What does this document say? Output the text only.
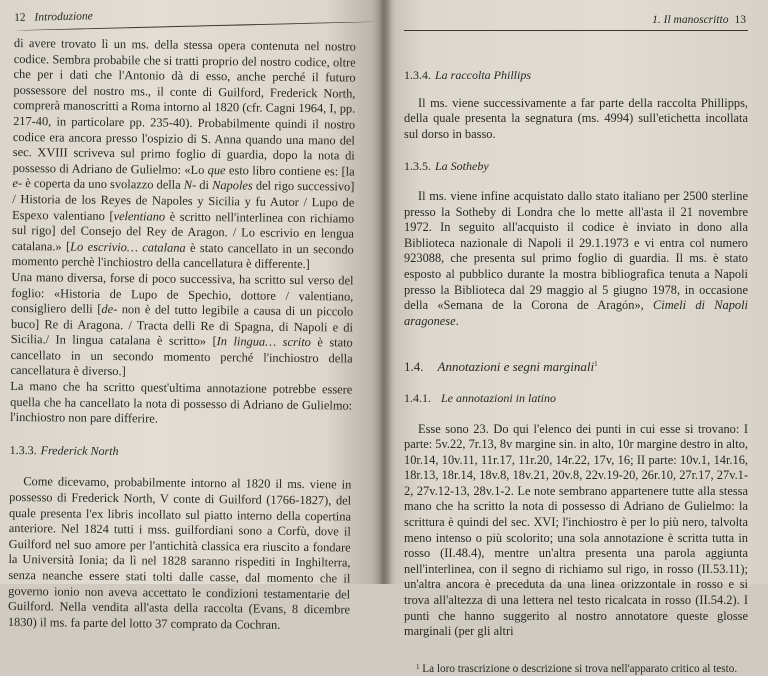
12 Introduzione

di avere trovato lì un ms. della stessa opera contenuta nel nostro codice. Sembra probabile che si tratti proprio del nostro codice, oltre che per i dati che l'Antonio dà di esso, anche perché il futuro possessore del nostro ms., il conte di Guilford, Frederick North, comprerà manoscritti a Roma intorno al 1820 (cfr. Cagni 1964, I, pp. 217-40, in particolare pp. 235-40). Probabilmente quindi il nostro codice era ancora presso l'ospizio di S. Anna quando una mano del sec. XVIII scriveva sul primo foglio di guardia, dopo la nota di possesso di Adriano de Gulielmo: «Lo que esto libro contiene es: [la e- è coperta da uno svolazzo della N- di Napoles del rigo successivo] / Historia de los Reyes de Napoles y Sicilia y fu Autor / Lupo de Espexo valentiano [velentiano è scritto nell'interlinea con richiamo sul rigo] del Consejo del Rey de Aragon. / Lo escrivio en lengua catalana.» [Lo escrivio… catalana è stato cancellato in un secondo momento perchè l'inchiostro della cancellatura è differente.]

Una mano diversa, forse di poco successiva, ha scritto sul verso del foglio: «Historia de Lupo de Spechio, dottore / valentiano, consigliero delli [de- non è del tutto legibile a causa di un piccolo buco] Re di Aragona. / Tracta delli Re di Spagna, di Napoli e di Sicilia./ In lingua catalana è scritto» [In lingua… scrito è stato cancellato in un secondo momento perché l'inchiostro della cancellatura è diverso.]

La mano che ha scritto quest'ultima annotazione potrebbe essere quella che ha cancellato la nota di possesso di Adriano de Gulielmo: l'inchiostro non pare differire.

1.3.3. Frederick North

Come dicevamo, probabilmente intorno al 1820 il ms. viene in possesso di Frederick North, V conte di Guilford (1766-1827), del quale presenta l'ex libris incollato sul piatto interno della copertina anteriore. Nel 1824 tutti i mss. guilfordiani sono a Corfù, dove il Guilford nel suo amore per l'antichità classica era riuscito a fondare la Università Ionia; da lì nel 1828 saranno rispediti in Inghilterra, senza neanche essere stati tolti dalle casse, dal momento che il governo ionio non aveva accettato le condizioni testamentarie del Guilford. Nella vendita all'asta della raccolta (Evans, 8 dicembre 1830) il ms. fa parte del lotto 37 comprato da Cochran.

1. Il manoscritto 13

1.3.4. La raccolta Phillips

Il ms. viene successivamente a far parte della raccolta Phillipps, della quale presenta la segnatura (ms. 4994) sull'etichetta incollata sul dorso in basso.

1.3.5. La Sotheby

Il ms. viene infine acquistato dallo stato italiano per 2500 sterline presso la Sotheby di Londra che lo mette all'asta il 21 novembre 1972. In seguito all'acquisto il codice è inviato in dono alla Biblioteca nazionale di Napoli il 29.1.1973 e vi entra col numero 923088, che presenta sul primo foglio di guardia. Il ms. è stato esposto al pubblico durante la mostra bibliografica tenuta a Napoli presso la Biblioteca dal 29 maggio al 5 giugno 1978, in occasione della «Semana de la Corona de Aragón», Cimeli di Napoli aragonese.

1.4. Annotazioni e segni marginali$^1$

1.4.1. Le annotazioni in latino

Esse sono 23. Do qui l'elenco dei punti in cui esse si trovano: I parte: 5v.22, 7r.13, 8v margine sin. in alto, 10r margine destro in alto, 10r.14, 10v.11, 11r.17, 11r.20, 14r.22, 17v, 16; II parte: 10v.1, 14r.16, 18r.13, 18r.14, 18v.8, 18v.21, 20v.8, 22v.19-20, 26r.10, 27r.17, 27v.1-2, 27v.12-13, 28v.1-2. Le note sembrano appartenere tutte alla stessa mano che ha scritto la nota di possesso di Adriano de Gulielmo: la scrittura è quindi del sec. XVI; l'inchiostro è per lo più nero, talvolta meno intenso o più scolorito; una sola annotazione è scritta tutta in rosso (II.48.4), mentre un'altra presenta una parola aggiunta nell'interlinea, con il segno di richiamo sul rigo, in rosso (II.53.11); un'altra ancora è preceduta da una linea orizzontale in rosso e si trova all'altezza di una lettera nel testo ricalcata in rosso (II.54.2). I punti che hanno suggerito al nostro annotatore queste glosse marginali (per gli altri

$^1$ La loro trascrizione o descrizione si trova nell'apparato critico al testo.
